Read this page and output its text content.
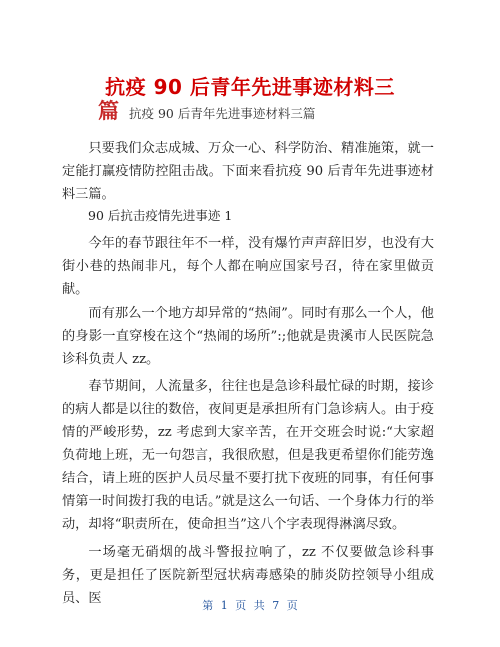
抗疫 90 后青年先进事迹材料三
篇 抗疫 90 后青年先进事迹材料三篇

只要我们众志成城、万众一心、科学防治、精准施策，就一定能打赢疫情防控阻击战。下面来看抗疫 90 后青年先进事迹材料三篇。

90 后抗击疫情先进事迹 1

今年的春节跟往年不一样，没有爆竹声声辞旧岁，也没有大街小巷的热闹非凡，每个人都在响应国家号召，待在家里做贡献。

而有那么一个地方却异常的“热闹”。同时有那么一个人，他的身影一直穿梭在这个“热闹的场所”:;他就是贵溪市人民医院急诊科负责人 zz。

春节期间，人流量多，往往也是急诊科最忙碌的时期，接诊的病人都是以往的数倍，夜间更是承担所有门急诊病人。由于疫情的严峻形势，zz 考虑到大家辛苦，在开交班会时说:“大家超负荷地上班，无一句怨言，我很欣慰，但是我更希望你们能劳逸结合，请上班的医护人员尽量不要打扰下夜班的同事，有任何事情第一时间拨打我的电话。”就是这么一句话、一个身体力行的举动，却将“职责所在，使命担当”这八个字表现得淋漓尽致。

一场毫无硝烟的战斗警报拉响了，zz 不仅要做急诊科事务，更是担任了医院新型冠状病毒感染的肺炎防控领导小组成员、医	第 1 页 共 7 页
